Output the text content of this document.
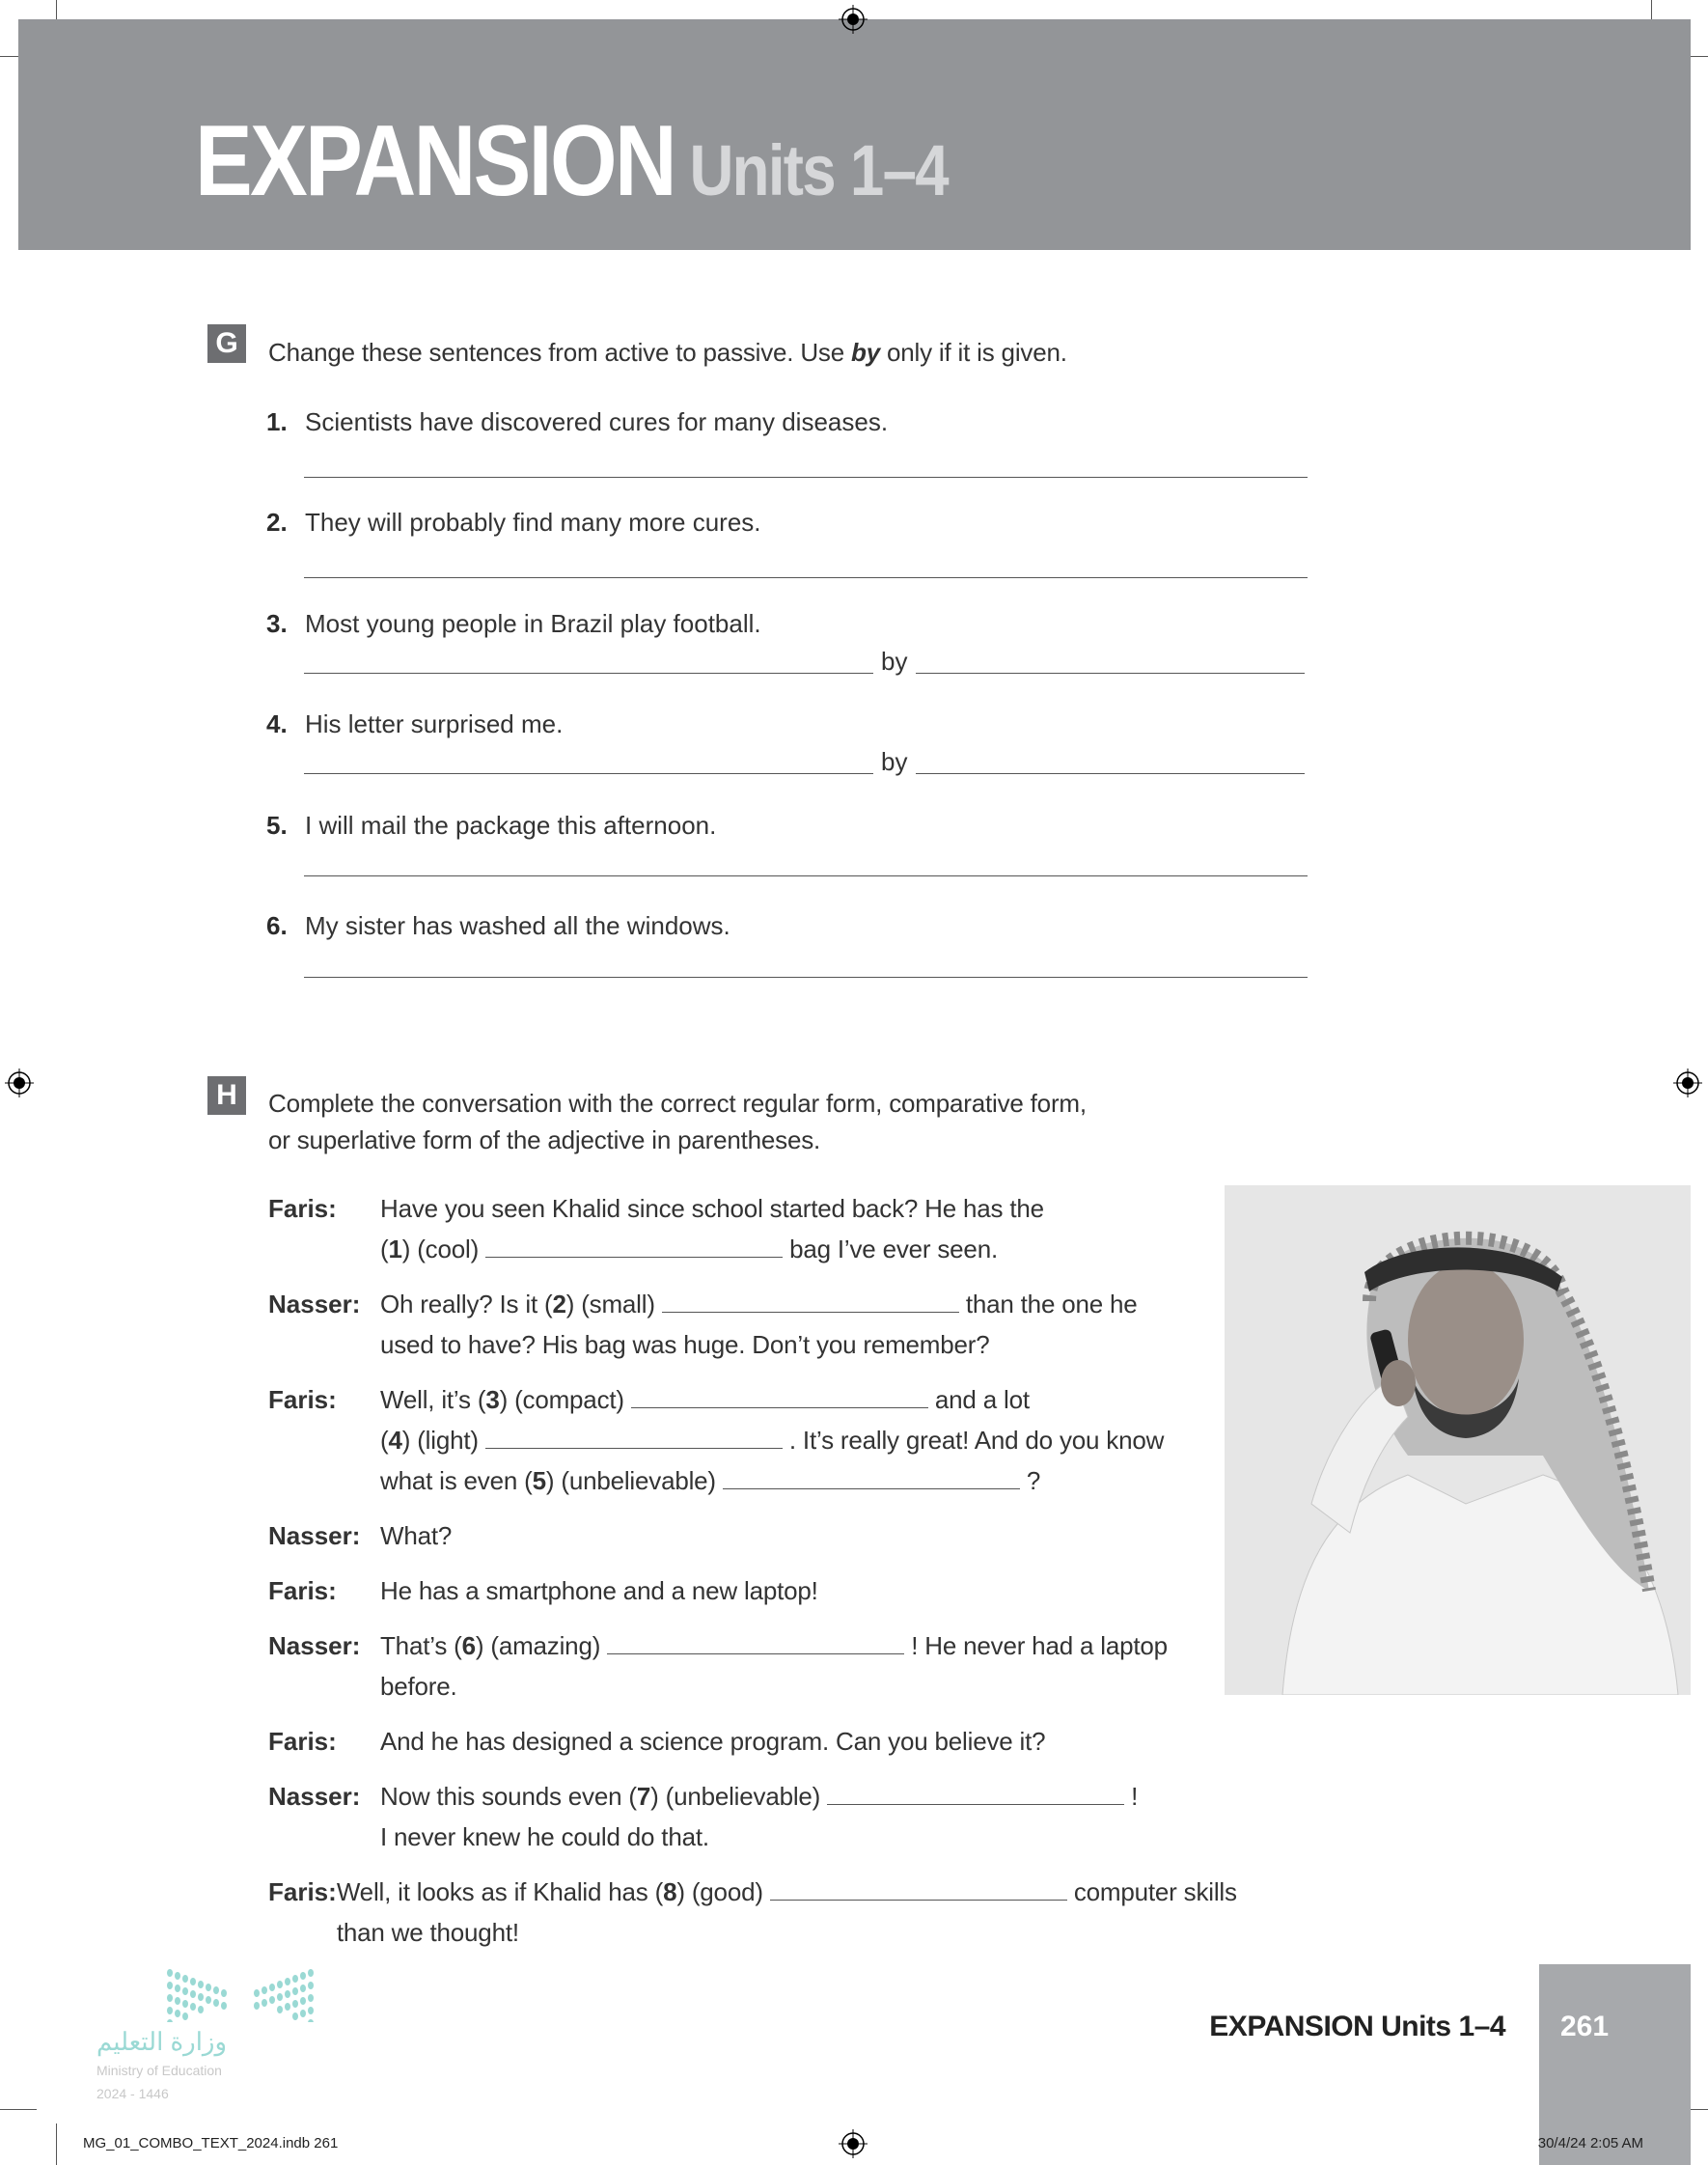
EXPANSION Units 1–4
G	Change these sentences from active to passive. Use by only if it is given.
1. Scientists have discovered cures for many diseases.
2. They will probably find many more cures.
3. Most young people in Brazil play football.
by
4. His letter surprised me.
by
5. I will mail the package this afternoon.
6. My sister has washed all the windows.
H	Complete the conversation with the correct regular form, comparative form,
or superlative form of the adjective in parentheses.
Faris:	Have you seen Khalid since school started back? He has the
(1) (cool)	bag I’ve ever seen.
Nasser: Oh really? Is it (2) (small)	than the one he
used to have? His bag was huge. Don’t you remember?
Faris:	Well, it’s (3) (compact)	and a lot
(4) (light)	. It’s really great! And do you know
what is even (5) (unbelievable)	?
Nasser: What?
Faris:	He has a smartphone and a new laptop!
Nasser: That’s (6) (amazing)	! He never had a laptop
before.
Faris:	And he has designed a science program. Can you believe it?
Nasser: Now this sounds even (7) (unbelievable)	!
I never knew he could do that.
Faris: Well, it looks as if Khalid has (8) (good)	computer skills
than we thought!
261
EXPANSION Units 1–4
وزارة التعليم
Ministry of Education
2024 - 1446
MG_01_COMBO_TEXT_2024.indb 261	30/4/24 2:05 AM
